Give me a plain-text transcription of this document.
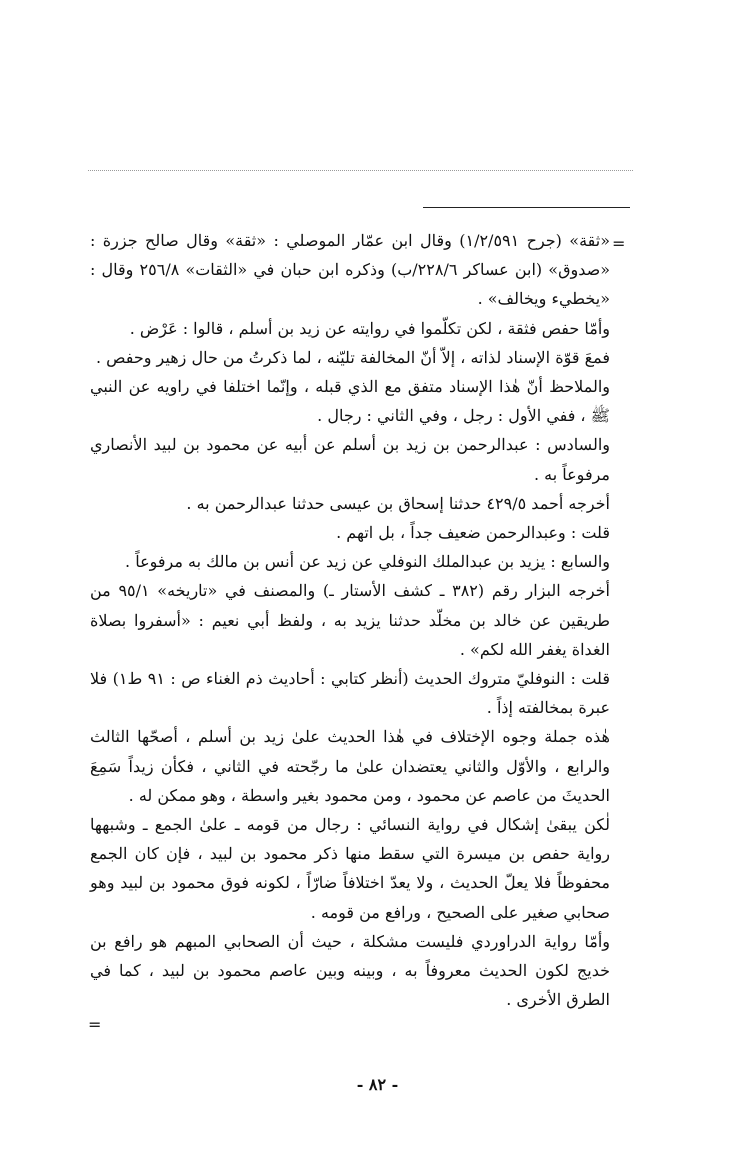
=
=

«ثقة» (جرح ١/٢/٥٩١) وقال ابن عمّار الموصلي : «ثقة» وقال صالح جزرة : «صدوق» (ابن عساكر ٢٢٨/٦/ب) وذكره ابن حبان في «الثقات» ٢٥٦/٨ وقال : «يخطيء ويخالف» .

وأمّا حفص فثقة ، لكن تكلّموا في روايته عن زيد بن أسلم ، قالوا : عَرْض .

فمعَ قوّة الإسناد لذاته ، إلاّ أنّ المخالفة تليّنه ، لما ذكرتُ من حال زهير وحفص .

والملاحظ أنّ هٰذا الإسناد متفق مع الذي قبله ، وإنّما اختلفا في راويه عن النبي ﷺ ، ففي الأول : رجل ، وفي الثاني : رجال .

والسادس : عبدالرحمن بن زيد بن أسلم عن أبيه عن محمود بن لبيد الأنصاري مرفوعاً به .

أخرجه أحمد ٤٢٩/٥ حدثنا إسحاق بن عيسى حدثنا عبدالرحمن به .

قلت : وعبدالرحمن ضعيف جداً ، بل اتهم .

والسابع : يزيد بن عبدالملك النوفلي عن زيد عن أنس بن مالك به مرفوعاً .

أخرجه البزار رقم (٣٨٢ ـ كشف الأستار ـ) والمصنف في «تاريخه» ٩٥/١ من طريقين عن خالد بن مخلّد حدثنا يزيد به ، ولفظ أبي نعيم : «أسفروا بصلاة الغداة يغفر الله لكم» .

قلت : النوفليّ متروك الحديث (أنظر كتابي : أحاديث ذم الغناء ص : ٩١ ط١) فلا عبرة بمخالفته إذاً .

هٰذه جملة وجوه الإختلاف في هٰذا الحديث علىٰ زيد بن أسلم ، أصحّها الثالث والرابع ، والأوّل والثاني يعتضدان علىٰ ما رجّحته في الثاني ، فكأن زيداً سَمِعَ الحديثَ من عاصم عن محمود ، ومن محمود بغير واسطة ، وهو ممكن له .

لٰكن يبقىٰ إشكال في رواية النسائي : رجال من قومه ـ علىٰ الجمع ـ وشبهها رواية حفص بن ميسرة التي سقط منها ذكر محمود بن لبيد ، فإن كان الجمع محفوظاً فلا يعلّ الحديث ، ولا يعدّ اختلافاً ضارّاً ، لكونه فوق محمود بن لبيد وهو صحابي صغير على الصحيح ، ورافع من قومه .

وأمّا رواية الدراوردي فليست مشكلة ، حيث أن الصحابي المبهم هو رافع بن خديج لكون الحديث معروفاً به ، وبينه وبين عاصم محمود بن لبيد ، كما في الطرق الأخرى .

- ٨٢ -
